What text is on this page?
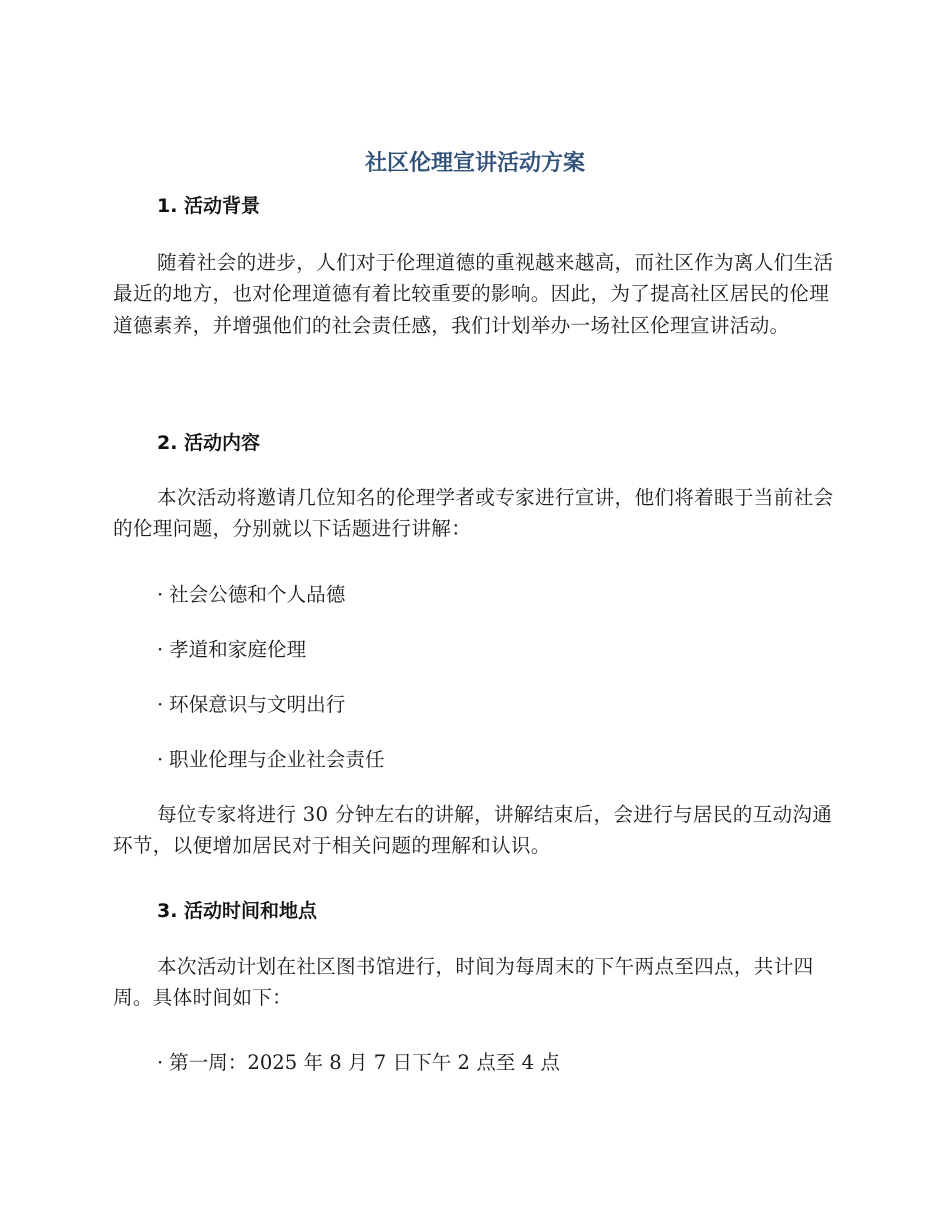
社区伦理宣讲活动方案
1. 活动背景

随着社会的进步，人们对于伦理道德的重视越来越高，而社区作为离人们生活最近的地方，也对伦理道德有着比较重要的影响。因此，为了提高社区居民的伦理道德素养，并增强他们的社会责任感，我们计划举办一场社区伦理宣讲活动。

2. 活动内容

本次活动将邀请几位知名的伦理学者或专家进行宣讲，他们将着眼于当前社会的伦理问题，分别就以下话题进行讲解：

· 社会公德和个人品德
· 孝道和家庭伦理
· 环保意识与文明出行
· 职业伦理与企业社会责任

每位专家将进行 30 分钟左右的讲解，讲解结束后，会进行与居民的互动沟通环节，以便增加居民对于相关问题的理解和认识。

3. 活动时间和地点

本次活动计划在社区图书馆进行，时间为每周末的下午两点至四点，共计四周。具体时间如下：

· 第一周：2025 年 8 月 7 日下午 2 点至 4 点
